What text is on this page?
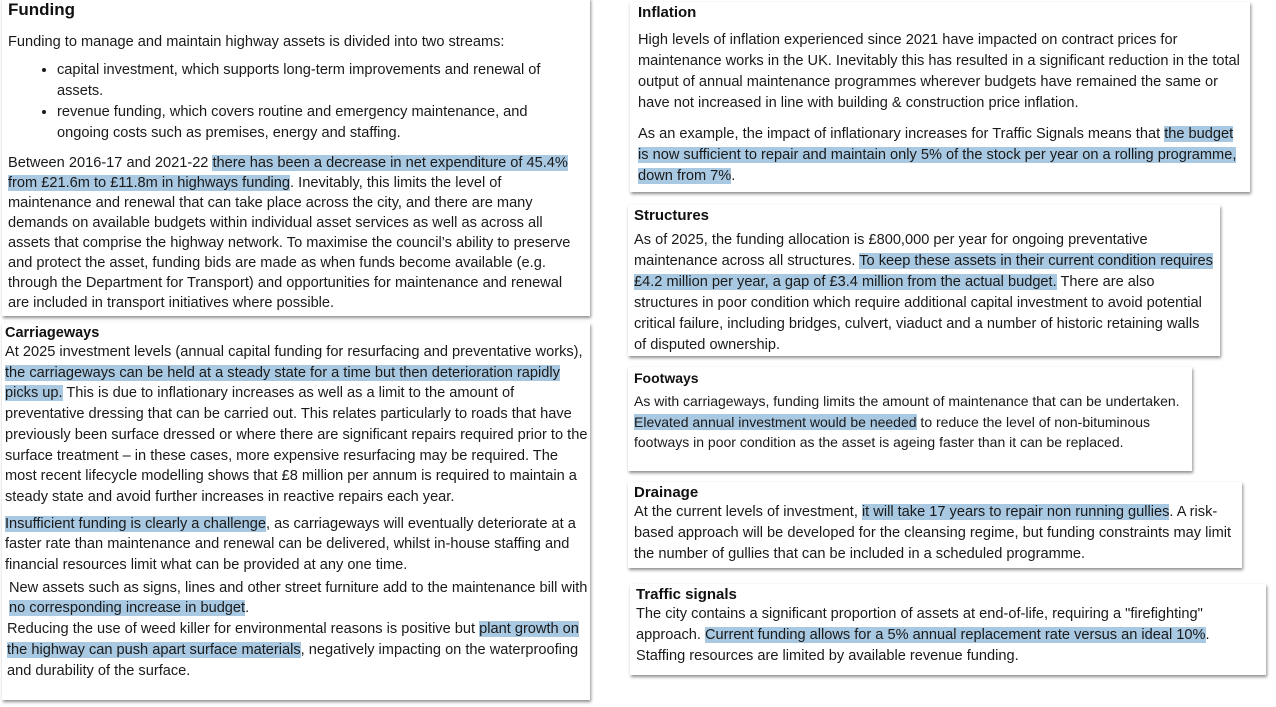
Funding

Funding to manage and maintain highway assets is divided into two streams:

• capital investment, which supports long-term improvements and renewal of assets.
• revenue funding, which covers routine and emergency maintenance, and ongoing costs such as premises, energy and staffing.

Between 2016-17 and 2021-22 there has been a decrease in net expenditure of 45.4% from £21.6m to £11.8m in highways funding. Inevitably, this limits the level of maintenance and renewal that can take place across the city, and there are many demands on available budgets within individual asset services as well as across all assets that comprise the highway network. To maximise the council’s ability to preserve and protect the asset, funding bids are made as when funds become available (e.g. through the Department for Transport) and opportunities for maintenance and renewal are included in transport initiatives where possible.

Carriageways

At 2025 investment levels (annual capital funding for resurfacing and preventative works), the carriageways can be held at a steady state for a time but then deterioration rapidly picks up. This is due to inflationary increases as well as a limit to the amount of preventative dressing that can be carried out. This relates particularly to roads that have previously been surface dressed or where there are significant repairs required prior to the surface treatment – in these cases, more expensive resurfacing may be required. The most recent lifecycle modelling shows that £8 million per annum is required to maintain a steady state and avoid further increases in reactive repairs each year.

Insufficient funding is clearly a challenge, as carriageways will eventually deteriorate at a faster rate than maintenance and renewal can be delivered, whilst in-house staffing and financial resources limit what can be provided at any one time.

New assets such as signs, lines and other street furniture add to the maintenance bill with no corresponding increase in budget.

Reducing the use of weed killer for environmental reasons is positive but plant growth on the highway can push apart surface materials, negatively impacting on the waterproofing and durability of the surface.

Inflation

High levels of inflation experienced since 2021 have impacted on contract prices for maintenance works in the UK. Inevitably this has resulted in a significant reduction in the total output of annual maintenance programmes wherever budgets have remained the same or have not increased in line with building & construction price inflation.

As an example, the impact of inflationary increases for Traffic Signals means that the budget is now sufficient to repair and maintain only 5% of the stock per year on a rolling programme, down from 7%.

Structures

As of 2025, the funding allocation is £800,000 per year for ongoing preventative maintenance across all structures. To keep these assets in their current condition requires £4.2 million per year, a gap of £3.4 million from the actual budget. There are also structures in poor condition which require additional capital investment to avoid potential critical failure, including bridges, culvert, viaduct and a number of historic retaining walls of disputed ownership.

Footways

As with carriageways, funding limits the amount of maintenance that can be undertaken. Elevated annual investment would be needed to reduce the level of non-bituminous footways in poor condition as the asset is ageing faster than it can be replaced.

Drainage

At the current levels of investment, it will take 17 years to repair non running gullies. A risk-based approach will be developed for the cleansing regime, but funding constraints may limit the number of gullies that can be included in a scheduled programme.

Traffic signals

The city contains a significant proportion of assets at end-of-life, requiring a "firefighting" approach. Current funding allows for a 5% annual replacement rate versus an ideal 10%. Staffing resources are limited by available revenue funding.
